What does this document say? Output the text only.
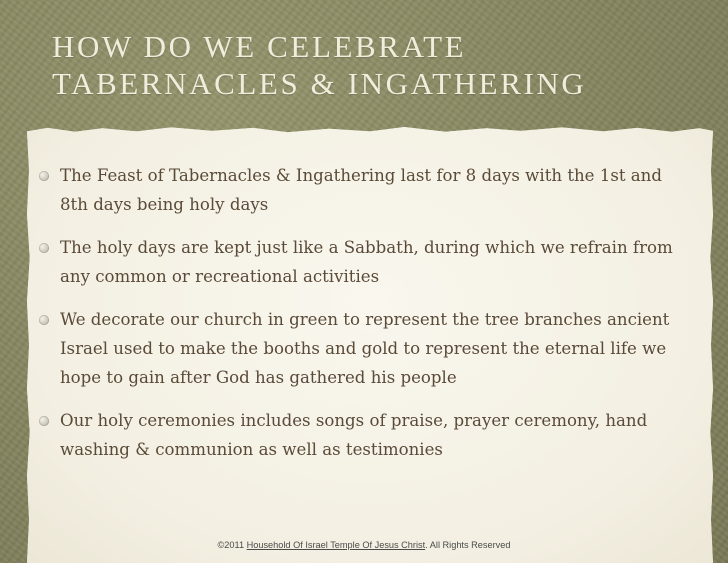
HOW DO WE CELEBRATE
TABERNACLES & INGATHERING
The Feast of Tabernacles & Ingathering last for 8 days with the 1st and 8th days being holy days
The holy days are kept just like a Sabbath, during which we refrain from any common or recreational activities
We decorate our church in green to represent the tree branches ancient Israel used to make the booths and gold to represent the eternal life we hope to gain after God has gathered his people
Our holy ceremonies includes songs of praise, prayer ceremony, hand washing & communion as well as testimonies
©2011 Household Of Israel Temple Of Jesus Christ. All Rights Reserved
